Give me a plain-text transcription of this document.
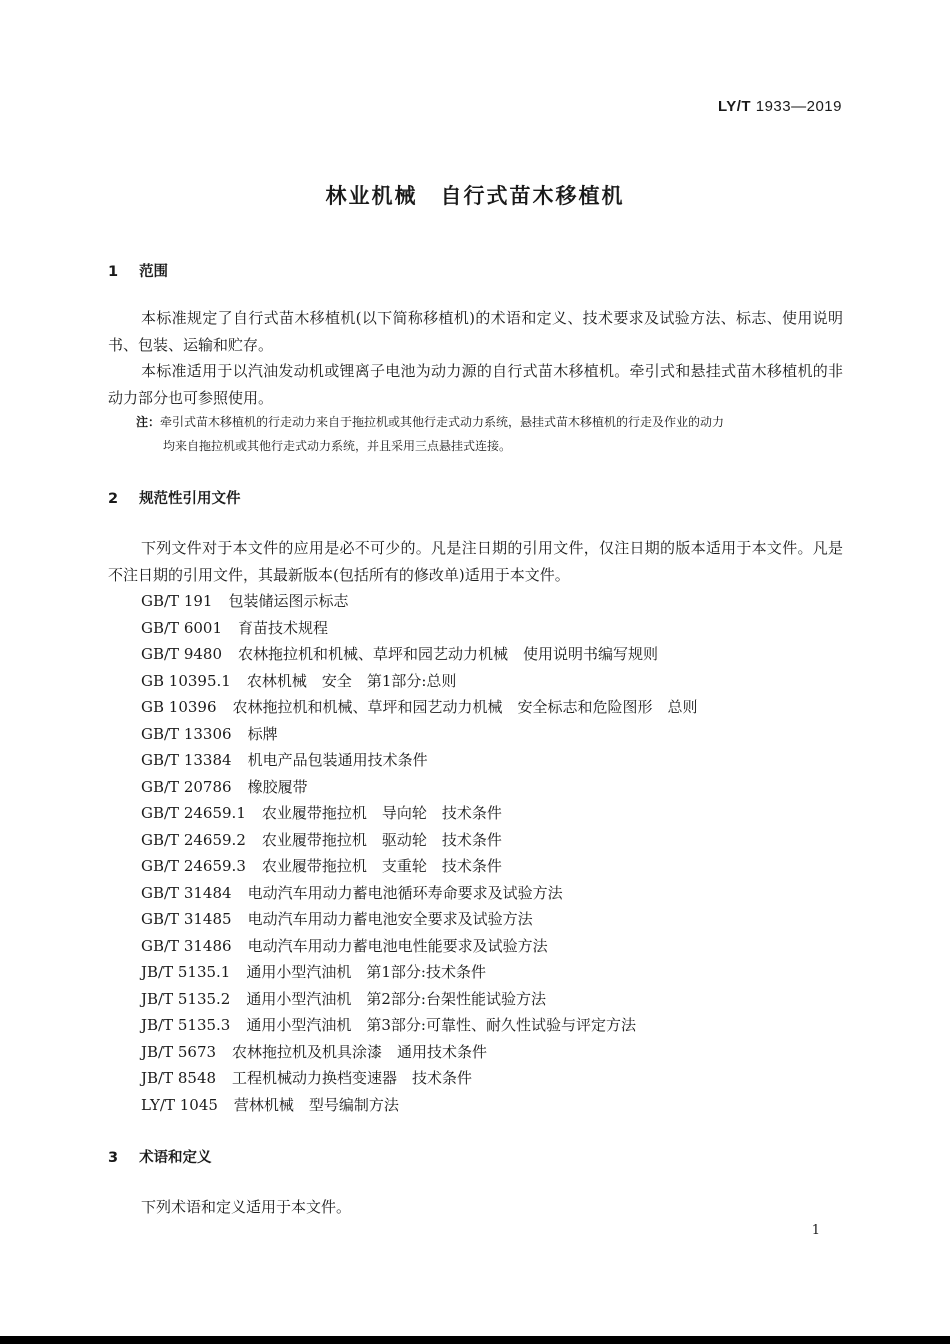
LY/T 1933—2019
林业机械　自行式苗木移植机
1 范围
本标准规定了自行式苗木移植机(以下简称移植机)的术语和定义、技术要求及试验方法、标志、使用说明书、包装、运输和贮存。
本标准适用于以汽油发动机或锂离子电池为动力源的自行式苗木移植机。牵引式和悬挂式苗木移植机的非动力部分也可参照使用。
注：牵引式苗木移植机的行走动力来自于拖拉机或其他行走式动力系统，悬挂式苗木移植机的行走及作业的动力
均来自拖拉机或其他行走式动力系统，并且采用三点悬挂式连接。
2 规范性引用文件
下列文件对于本文件的应用是必不可少的。凡是注日期的引用文件，仅注日期的版本适用于本文件。凡是不注日期的引用文件，其最新版本(包括所有的修改单)适用于本文件。
GB/T 191 包装储运图示标志
GB/T 6001 育苗技术规程
GB/T 9480 农林拖拉机和机械、草坪和园艺动力机械　使用说明书编写规则
GB 10395.1 农林机械　安全　第1部分:总则
GB 10396 农林拖拉机和机械、草坪和园艺动力机械　安全标志和危险图形　总则
GB/T 13306 标牌
GB/T 13384 机电产品包装通用技术条件
GB/T 20786 橡胶履带
GB/T 24659.1 农业履带拖拉机　导向轮　技术条件
GB/T 24659.2 农业履带拖拉机　驱动轮　技术条件
GB/T 24659.3 农业履带拖拉机　支重轮　技术条件
GB/T 31484 电动汽车用动力蓄电池循环寿命要求及试验方法
GB/T 31485 电动汽车用动力蓄电池安全要求及试验方法
GB/T 31486 电动汽车用动力蓄电池电性能要求及试验方法
JB/T 5135.1 通用小型汽油机　第1部分:技术条件
JB/T 5135.2 通用小型汽油机　第2部分:台架性能试验方法
JB/T 5135.3 通用小型汽油机　第3部分:可靠性、耐久性试验与评定方法
JB/T 5673 农林拖拉机及机具涂漆　通用技术条件
JB/T 8548 工程机械动力换档变速器　技术条件
LY/T 1045 营林机械　型号编制方法
3 术语和定义
下列术语和定义适用于本文件。
1
